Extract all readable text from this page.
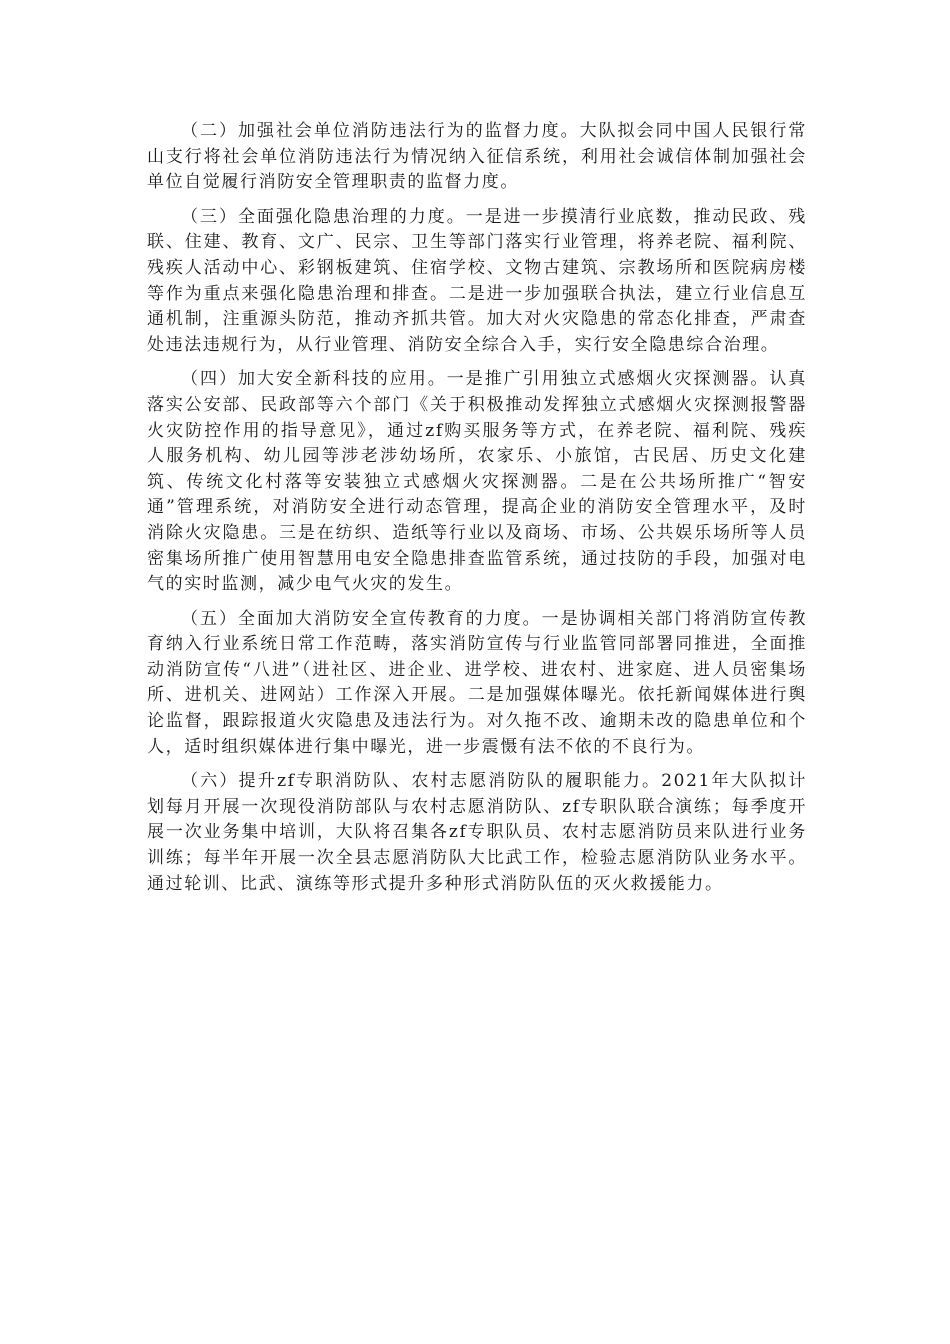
（二）加强社会单位消防违法行为的监督力度。大队拟会同中国人民银行常山支行将社会单位消防违法行为情况纳入征信系统，利用社会诚信体制加强社会单位自觉履行消防安全管理职责的监督力度。

（三）全面强化隐患治理的力度。一是进一步摸清行业底数，推动民政、残联、住建、教育、文广、民宗、卫生等部门落实行业管理，将养老院、福利院、残疾人活动中心、彩钢板建筑、住宿学校、文物古建筑、宗教场所和医院病房楼等作为重点来强化隐患治理和排查。二是进一步加强联合执法，建立行业信息互通机制，注重源头防范，推动齐抓共管。加大对火灾隐患的常态化排查，严肃查处违法违规行为，从行业管理、消防安全综合入手，实行安全隐患综合治理。

（四）加大安全新科技的应用。一是推广引用独立式感烟火灾探测器。认真落实公安部、民政部等六个部门《关于积极推动发挥独立式感烟火灾探测报警器火灾防控作用的指导意见》，通过zf购买服务等方式，在养老院、福利院、残疾人服务机构、幼儿园等涉老涉幼场所，农家乐、小旅馆，古民居、历史文化建筑、传统文化村落等安装独立式感烟火灾探测器。二是在公共场所推广“智安通”管理系统，对消防安全进行动态管理，提高企业的消防安全管理水平，及时消除火灾隐患。三是在纺织、造纸等行业以及商场、市场、公共娱乐场所等人员密集场所推广使用智慧用电安全隐患排查监管系统，通过技防的手段，加强对电气的实时监测，减少电气火灾的发生。

（五）全面加大消防安全宣传教育的力度。一是协调相关部门将消防宣传教育纳入行业系统日常工作范畴，落实消防宣传与行业监管同部署同推进，全面推动消防宣传“八进”（进社区、进企业、进学校、进农村、进家庭、进人员密集场所、进机关、进网站）工作深入开展。二是加强媒体曝光。依托新闻媒体进行舆论监督，跟踪报道火灾隐患及违法行为。对久拖不改、逾期未改的隐患单位和个人，适时组织媒体进行集中曝光，进一步震慑有法不依的不良行为。

（六）提升zf专职消防队、农村志愿消防队的履职能力。2021年大队拟计划每月开展一次现役消防部队与农村志愿消防队、zf专职队联合演练；每季度开展一次业务集中培训，大队将召集各zf专职队员、农村志愿消防员来队进行业务训练；每半年开展一次全县志愿消防队大比武工作，检验志愿消防队业务水平。通过轮训、比武、演练等形式提升多种形式消防队伍的灭火救援能力。
